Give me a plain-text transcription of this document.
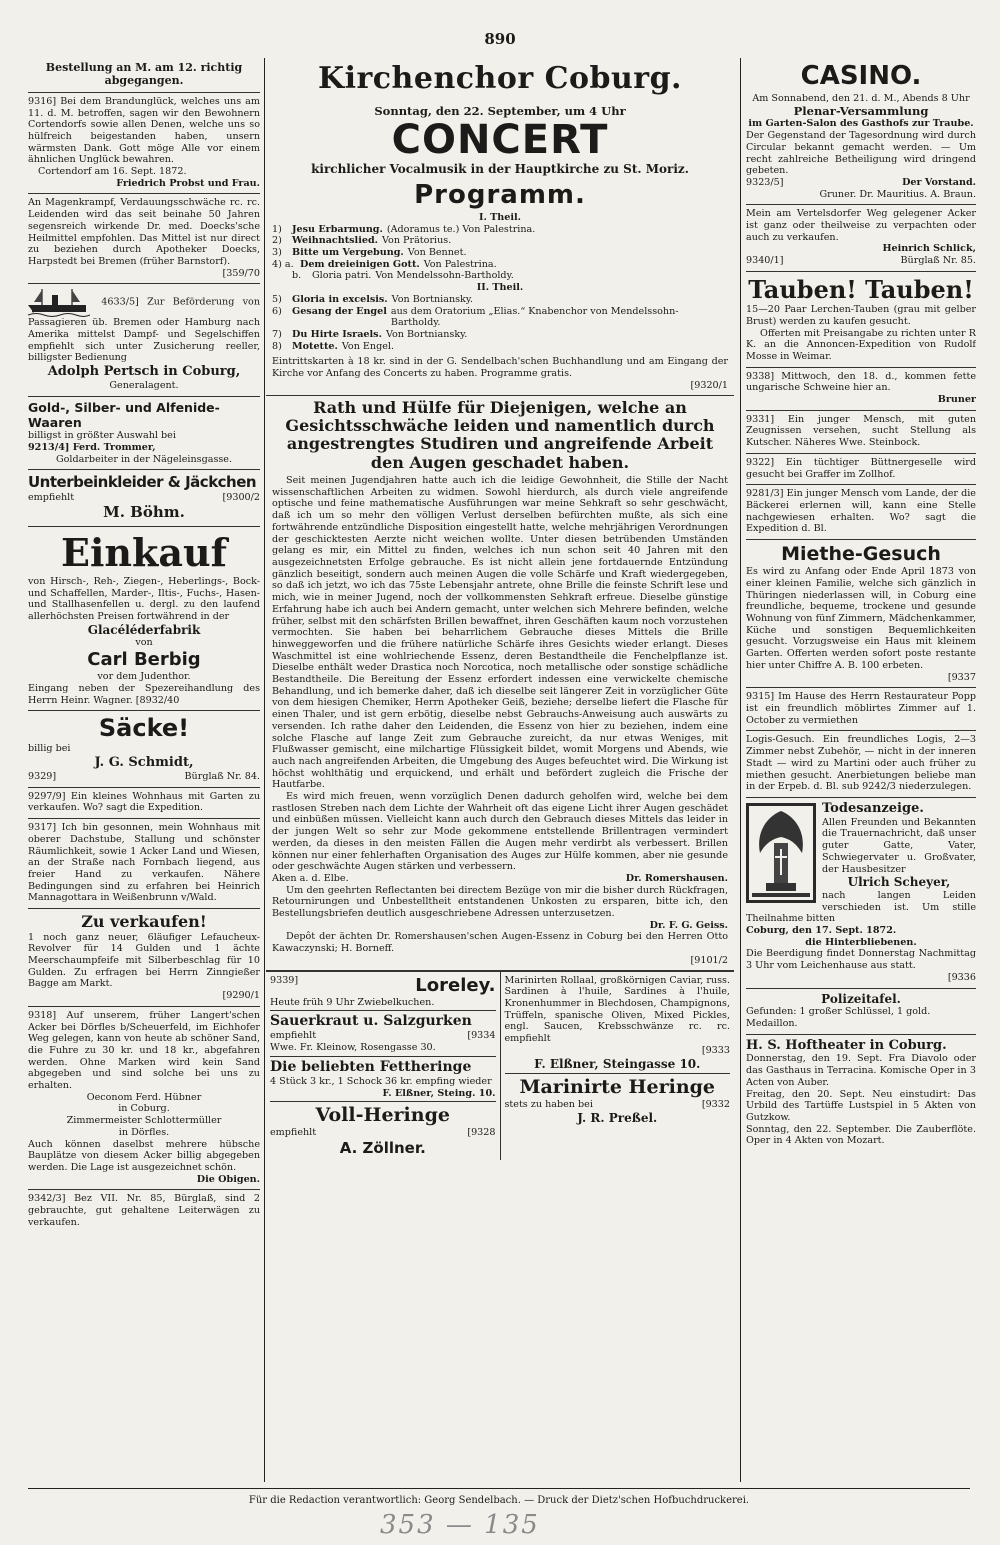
890

Bestellung an M. am 12. richtig abgegangen.

9316] Bei dem Brandunglück, welches uns am 11. d. M. betroffen, sagen wir den Bewohnern Cortendorfs sowie allen Denen, welche uns so hülfreich beigestanden haben, unsern wärmsten Dank. Gott möge Alle vor einem ähnlichen Unglück bewahren.

Cortendorf am 16. Sept. 1872.

Friedrich Probst und Frau.

An Magenkrampf, Verdauungsschwäche rc. rc. Leidenden wird das seit beinahe 50 Jahren segensreich wirkende Dr. med. Doecks'sche Heilmittel empfohlen. Das Mittel ist nur direct zu beziehen durch Apotheker Doecks, Harpstedt bei Bremen (früher Barnstorf).

[359/70

4633/5] Zur Beförderung von Passagieren üb. Bremen oder Hamburg nach Amerika mittelst Dampf- und Segelschiffen empfiehlt sich unter Zusicherung reeller, billigster Bedienung

Adolph Pertsch in Coburg,

Generalagent.

Gold-, Silber- und Alfenide-Waaren

billigst in größter Auswahl bei

9213/4] Ferd. Trommer,

Goldarbeiter in der Nägeleinsgasse.

Unterbeinkleider & Jäckchen

empfiehlt	[9300/2

M. Böhm.

Einkauf

von Hirsch-, Reh-, Ziegen-, Heberlings-, Bock- und Schaffellen, Marder-, Iltis-, Fuchs-, Hasen- und Stallhasenfellen u. dergl. zu den laufend allerhöchsten Preisen fortwährend in der

Glacéléderfabrik

von

Carl Berbig

vor dem Judenthor.

Eingang neben der Spezereihandlung des Herrn Heinr. Wagner. [8932/40

Säcke!

billig bei

J. G. Schmidt,

9329]	Bürglaß Nr. 84.

9297/9] Ein kleines Wohnhaus mit Garten zu verkaufen. Wo? sagt die Expedition.

9317] Ich bin gesonnen, mein Wohnhaus mit oberer Dachstube, Stallung und schönster Räumlichkeit, sowie 1 Acker Land und Wiesen, an der Straße nach Fornbach liegend, aus freier Hand zu verkaufen. Nähere Bedingungen sind zu erfahren bei Heinrich Mannagottara in Weißenbrunn v/Wald.

Zu verkaufen!

1 noch ganz neuer, 6läufiger Lefaucheux-Revolver für 14 Gulden und 1 ächte Meerschaumpfeife mit Silberbeschlag für 10 Gulden. Zu erfragen bei Herrn Zinngießer Bagge am Markt.

[9290/1

9318] Auf unserem, früher Langert'schen Acker bei Dörfles b/Scheuerfeld, im Eichhofer Weg gelegen, kann von heute ab schöner Sand, die Fuhre zu 30 kr. und 18 kr., abgefahren werden. Ohne Marken wird kein Sand abgegeben und sind solche bei uns zu erhalten.

Oeconom Ferd. Hübner

in Coburg.

Zimmermeister Schlottermüller

in Dörfles.

Auch können daselbst mehrere hübsche Bauplätze von diesem Acker billig abgegeben werden. Die Lage ist ausgezeichnet schön.

Die Obigen.

9342/3] Bez VII. Nr. 85, Bürglaß, sind 2 gebrauchte, gut gehaltene Leiterwägen zu verkaufen.

Kirchenchor Coburg.

Sonntag, den 22. September, um 4 Uhr

CONCERT

kirchlicher Vocalmusik in der Hauptkirche zu St. Moriz.

Programm.

I. Theil.

1)	Jesu Erbarmung. (Adoramus te.) Von Palestrina.
2)	Weihnachtslied. Von Prätorius.
3)	Bitte um Vergebung. Von Bennet.
4) a. Dem dreieinigen Gott. Von Palestrina.
b.	Gloria patri. Von Mendelssohn-Bartholdy.

II. Theil.

5)	Gloria in excelsis. Von Bortniansky.
6)	Gesang der Engel aus dem Oratorium „Elias.“ Knabenchor von Mendelssohn-Bartholdy.
7)	Du Hirte Israels. Von Bortniansky.
8)	Motette. Von Engel.

Eintrittskarten à 18 kr. sind in der G. Sendelbach'schen Buchhandlung und am Eingang der Kirche vor Anfang des Concerts zu haben. Programme gratis.

[9320/1

Rath und Hülfe für Diejenigen, welche an Gesichtsschwäche leiden und namentlich durch angestrengtes Studiren und angreifende Arbeit den Augen geschadet haben.

Seit meinen Jugendjahren hatte auch ich die leidige Gewohnheit, die Stille der Nacht wissenschaftlichen Arbeiten zu widmen. Sowohl hierdurch, als durch viele angreifende optische und feine mathematische Ausführungen war meine Sehkraft so sehr geschwächt, daß ich um so mehr den völligen Verlust derselben befürchten mußte, als sich eine fortwährende entzündliche Disposition eingestellt hatte, welche mehrjährigen Verordnungen der geschicktesten Aerzte nicht weichen wollte. Unter diesen betrübenden Umständen gelang es mir, ein Mittel zu finden, welches ich nun schon seit 40 Jahren mit den ausgezeichnetsten Erfolge gebrauche. Es ist nicht allein jene fortdauernde Entzündung gänzlich beseitigt, sondern auch meinen Augen die volle Schärfe und Kraft wiedergegeben, so daß ich jetzt, wo ich das 75ste Lebensjahr antrete, ohne Brille die feinste Schrift lese und mich, wie in meiner Jugend, noch der vollkommensten Sehkraft erfreue. Dieselbe günstige Erfahrung habe ich auch bei Andern gemacht, unter welchen sich Mehrere befinden, welche früher, selbst mit den schärfsten Brillen bewaffnet, ihren Geschäften kaum noch vorzustehen vermochten. Sie haben bei beharrlichem Gebrauche dieses Mittels die Brille hinweggeworfen und die frühere natürliche Schärfe ihres Gesichts wieder erlangt. Dieses Waschmittel ist eine wohlriechende Essenz, deren Bestandtheile die Fenchelpflanze ist. Dieselbe enthält weder Drastica noch Norcotica, noch metallische oder sonstige schädliche Bestandtheile. Die Bereitung der Essenz erfordert indessen eine verwickelte chemische Behandlung, und ich bemerke daher, daß ich dieselbe seit längerer Zeit in vorzüglicher Güte von dem hiesigen Chemiker, Herrn Apotheker Geiß, beziehe; derselbe liefert die Flasche für einen Thaler, und ist gern erbötig, dieselbe nebst Gebrauchs-Anweisung auch auswärts zu versenden. Ich rathe daher den Leidenden, die Essenz von hier zu beziehen, indem eine solche Flasche auf lange Zeit zum Gebrauche zureicht, da nur etwas Weniges, mit Flußwasser gemischt, eine milchartige Flüssigkeit bildet, womit Morgens und Abends, wie auch nach angreifenden Arbeiten, die Umgebung des Auges befeuchtet wird. Die Wirkung ist höchst wohlthätig und erquickend, und erhält und befördert zugleich die Frische der Hautfarbe.

Es wird mich freuen, wenn vorzüglich Denen dadurch geholfen wird, welche bei dem rastlosen Streben nach dem Lichte der Wahrheit oft das eigene Licht ihrer Augen geschädet und einbüßen müssen. Vielleicht kann auch durch den Gebrauch dieses Mittels das leider in der jungen Welt so sehr zur Mode gekommene entstellende Brillentragen vermindert werden, da dieses in den meisten Fällen die Augen mehr verdirbt als verbessert. Brillen können nur einer fehlerhaften Organisation des Auges zur Hülfe kommen, aber nie gesunde oder geschwächte Augen stärken und verbessern.

Aken a. d. Elbe.	Dr. Romershausen.

Um den geehrten Reflectanten bei directem Bezüge von mir die bisher durch Rückfragen, Retournirungen und Unbestelltheit entstandenen Unkosten zu ersparen, bitte ich, den Bestellungsbriefen deutlich ausgeschriebene Adressen unterzusetzen.

Dr. F. G. Geiss.

Depôt der ächten Dr. Romershausen'schen Augen-Essenz in Coburg bei den Herren Otto Kawaczynski; H. Borneff.

[9101/2

9339]	Loreley.

Heute früh 9 Uhr Zwiebelkuchen.

Sauerkraut u. Salzgurken

empfiehlt	[9334

Wwe. Fr. Kleinow, Rosengasse 30.

Die beliebten Fettheringe

4 Stück 3 kr., 1 Schock 36 kr. empfing wieder

F. Elßner, Steing. 10.

Voll-Heringe

empfiehlt	[9328

A. Zöllner.

Marinirten Rollaal, großkörnigen Caviar, russ. Sardinen à l'huile, Sardines à l'huile, Kronenhummer in Blechdosen, Champignons, Trüffeln, spanische Oliven, Mixed Pickles, engl. Saucen, Krebsschwänze rc. rc. empfiehlt

[9333

F. Elßner, Steingasse 10.

Marinirte Heringe

stets zu haben bei	[9332

J. R. Preßel.

CASINO.

Am Sonnabend, den 21. d. M., Abends 8 Uhr

Plenar-Versammlung

im Garten-Salon des Gasthofs zur Traube.

Der Gegenstand der Tagesordnung wird durch Circular bekannt gemacht werden. — Um recht zahlreiche Betheiligung wird dringend gebeten.

9323/5]	Der Vorstand.

Gruner. Dr. Mauritius. A. Braun.

Mein am Vertelsdorfer Weg gelegener Acker ist ganz oder theilweise zu verpachten oder auch zu verkaufen.

Heinrich Schlick,

9340/1]	Bürglaß Nr. 85.

Tauben! Tauben!

15—20 Paar Lerchen-Tauben (grau mit gelber Brust) werden zu kaufen gesucht.

Offerten mit Preisangabe zu richten unter R K. an die Annoncen-Expedition von Rudolf Mosse in Weimar.

9338] Mittwoch, den 18. d., kommen fette ungarische Schweine hier an.

Bruner

9331] Ein junger Mensch, mit guten Zeugnissen versehen, sucht Stellung als Kutscher. Näheres Wwe. Steinbock.

9322] Ein tüchtiger Büttnergeselle wird gesucht bei Graffer im Zollhof.

9281/3] Ein junger Mensch vom Lande, der die Bäckerei erlernen will, kann eine Stelle nachgewiesen erhalten. Wo? sagt die Expedition d. Bl.

Miethe-Gesuch

Es wird zu Anfang oder Ende April 1873 von einer kleinen Familie, welche sich gänzlich in Thüringen niederlassen will, in Coburg eine freundliche, bequeme, trockene und gesunde Wohnung von fünf Zimmern, Mädchenkammer, Küche und sonstigen Bequemlichkeiten gesucht. Vorzugsweise ein Haus mit kleinem Garten. Offerten werden sofort poste restante hier unter Chiffre A. B. 100 erbeten.

[9337

9315] Im Hause des Herrn Restaurateur Popp ist ein freundlich möblirtes Zimmer auf 1. October zu vermiethen

Logis-Gesuch. Ein freundliches Logis, 2—3 Zimmer nebst Zubehör, — nicht in der inneren Stadt — wird zu Martini oder auch früher zu miethen gesucht. Anerbietungen beliebe man in der Erpeb. d. Bl. sub 9242/3 niederzulegen.

Todesanzeige.

Allen Freunden und Bekannten die Trauernachricht, daß unser guter Gatte, Vater, Schwiegervater u. Großvater, der Hausbesitzer

Ulrich Scheyer,

nach langen Leiden verschieden ist. Um stille Theilnahme bitten

Coburg, den 17. Sept. 1872.

die Hinterbliebenen.

Die Beerdigung findet Donnerstag Nachmittag 3 Uhr vom Leichenhause aus statt.

[9336

Polizeitafel.

Gefunden: 1 großer Schlüssel, 1 gold. Medaillon.

H. S. Hoftheater in Coburg.

Donnerstag, den 19. Sept. Fra Diavolo oder das Gasthaus in Terracina. Komische Oper in 3 Acten von Auber.

Freitag, den 20. Sept. Neu einstudirt: Das Urbild des Tartüffe Lustspiel in 5 Akten von Gutzkow.

Sonntag, den 22. September. Die Zauberflöte. Oper in 4 Akten von Mozart.

Für die Redaction verantwortlich: Georg Sendelbach. — Druck der Dietz'schen Hofbuchdruckerei.
353 — 135
